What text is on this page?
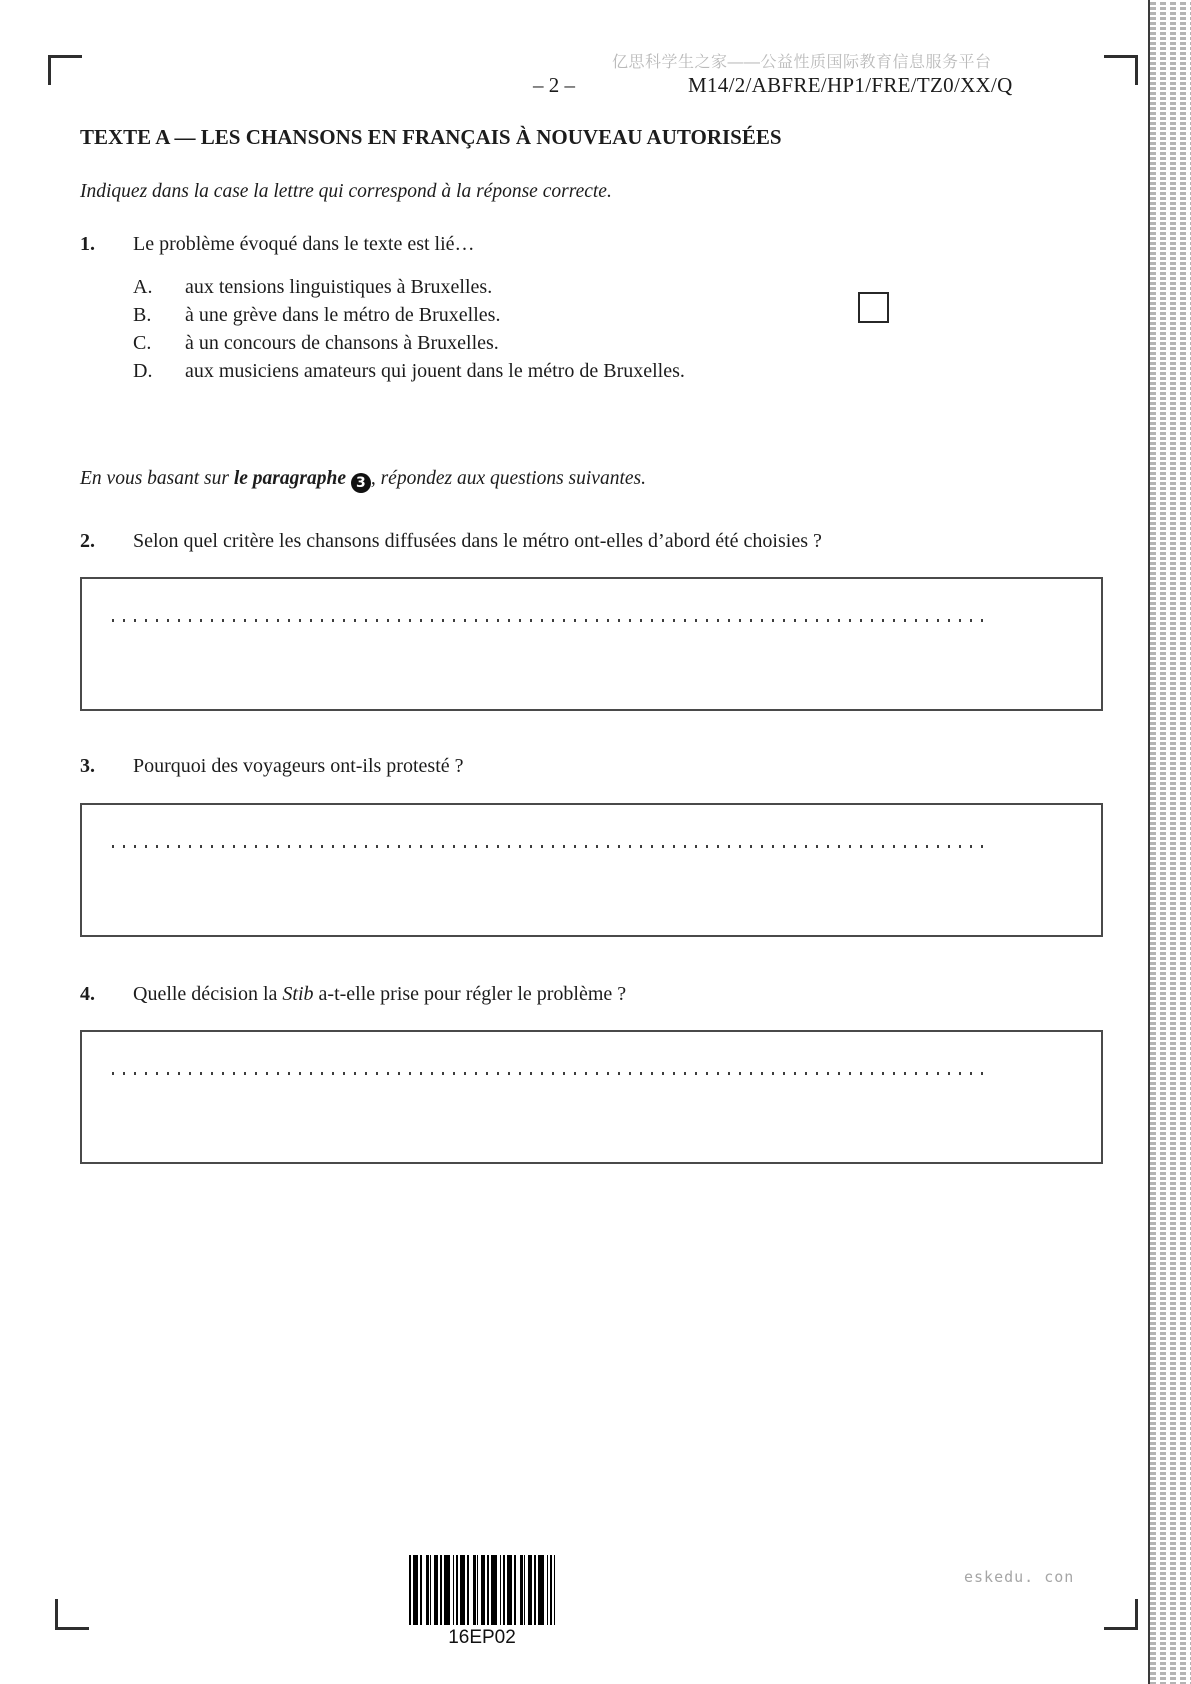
亿思科学生之家——公益性质国际教育信息服务平台
– 2 –	M14/2/ABFRE/HP1/FRE/TZ0/XX/Q
TEXTE A — LES CHANSONS EN FRANÇAIS À NOUVEAU AUTORISÉES
Indiquez dans la case la lettre qui correspond à la réponse correcte.
1. Le problème évoqué dans le texte est lié…
A. aux tensions linguistiques à Bruxelles.
B. à une grève dans le métro de Bruxelles.
C. à un concours de chansons à Bruxelles.
D. aux musiciens amateurs qui jouent dans le métro de Bruxelles.
En vous basant sur le paragraphe 3 , répondez aux questions suivantes.
2. Selon quel critère les chansons diffusées dans le métro ont-elles d’abord été choisies ?
3. Pourquoi des voyageurs ont-ils protesté ?
4. Quelle décision la Stib a-t-elle prise pour régler le problème ?
16EP02
eskedu. con
